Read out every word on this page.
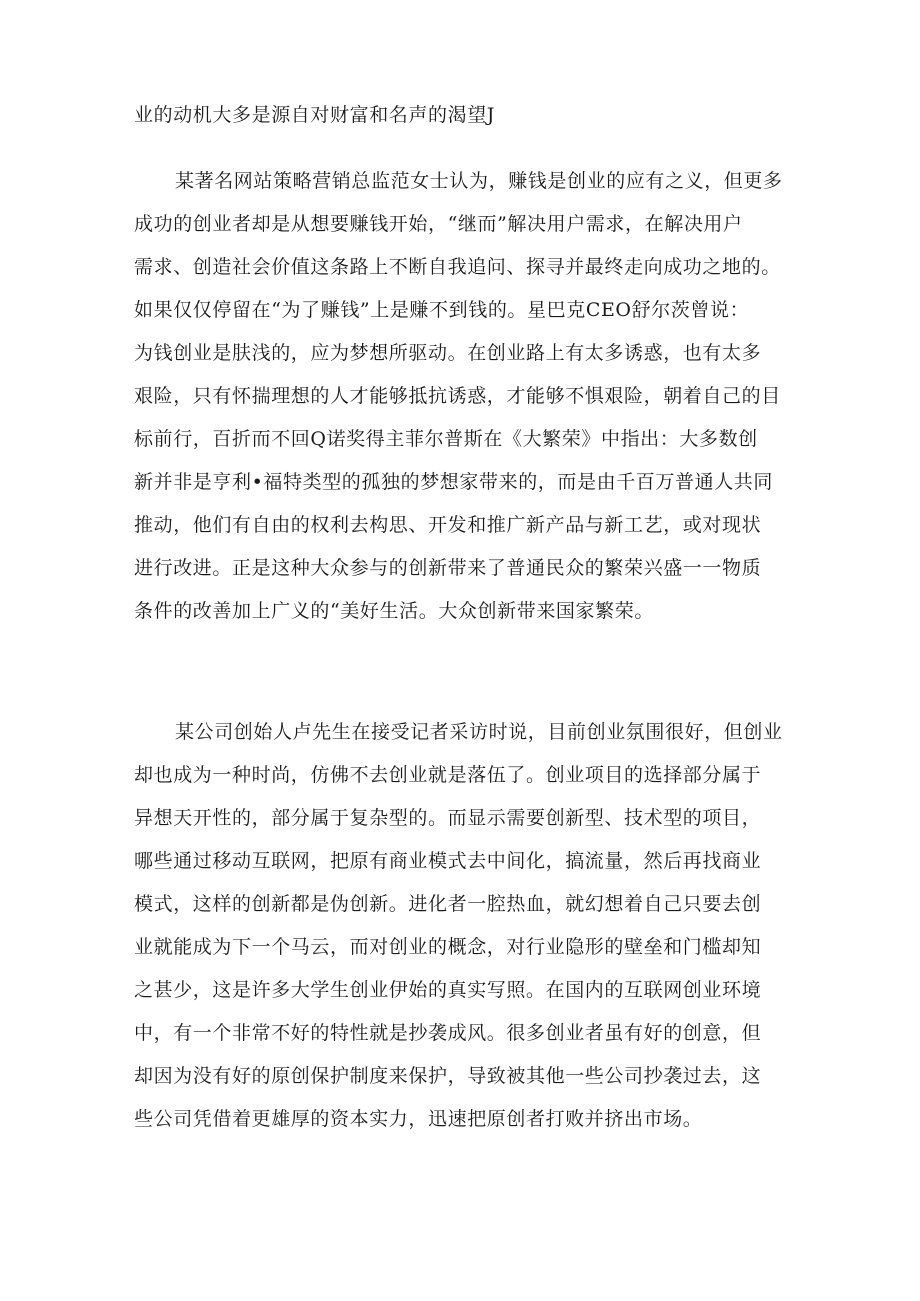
业的动机大多是源自对财富和名声的渴望J
某著名网站策略营销总监范女士认为，赚钱是创业的应有之义，但更多
成功的创业者却是从想要赚钱开始，“继而”解决用户需求，在解决用户
需求、创造社会价值这条路上不断自我追问、探寻并最终走向成功之地的。
如果仅仅停留在“为了赚钱”上是赚不到钱的。星巴克CEO舒尔茨曾说：
为钱创业是肤浅的，应为梦想所驱动。在创业路上有太多诱惑，也有太多
艰险，只有怀揣理想的人才能够抵抗诱惑，才能够不惧艰险，朝着自己的目
标前行，百折而不回Q诺奖得主菲尔普斯在《大繁荣》中指出：大多数创
新并非是亨利•福特类型的孤独的梦想家带来的，而是由千百万普通人共同
推动，他们有自由的权利去构思、开发和推广新产品与新工艺，或对现状
进行改进。正是这种大众参与的创新带来了普通民众的繁荣兴盛一一物质
条件的改善加上广义的“美好生活。大众创新带来国家繁荣。
某公司创始人卢先生在接受记者采访时说，目前创业氛围很好，但创业
却也成为一种时尚，仿佛不去创业就是落伍了。创业项目的选择部分属于
异想天开性的，部分属于复杂型的。而显示需要创新型、技术型的项目，
哪些通过移动互联网，把原有商业模式去中间化，搞流量，然后再找商业
模式，这样的创新都是伪创新。进化者一腔热血，就幻想着自己只要去创
业就能成为下一个马云，而对创业的概念，对行业隐形的壁垒和门槛却知
之甚少，这是许多大学生创业伊始的真实写照。在国内的互联网创业环境
中，有一个非常不好的特性就是抄袭成风。很多创业者虽有好的创意，但
却因为没有好的原创保护制度来保护，导致被其他一些公司抄袭过去，这
些公司凭借着更雄厚的资本实力，迅速把原创者打败并挤出市场。
